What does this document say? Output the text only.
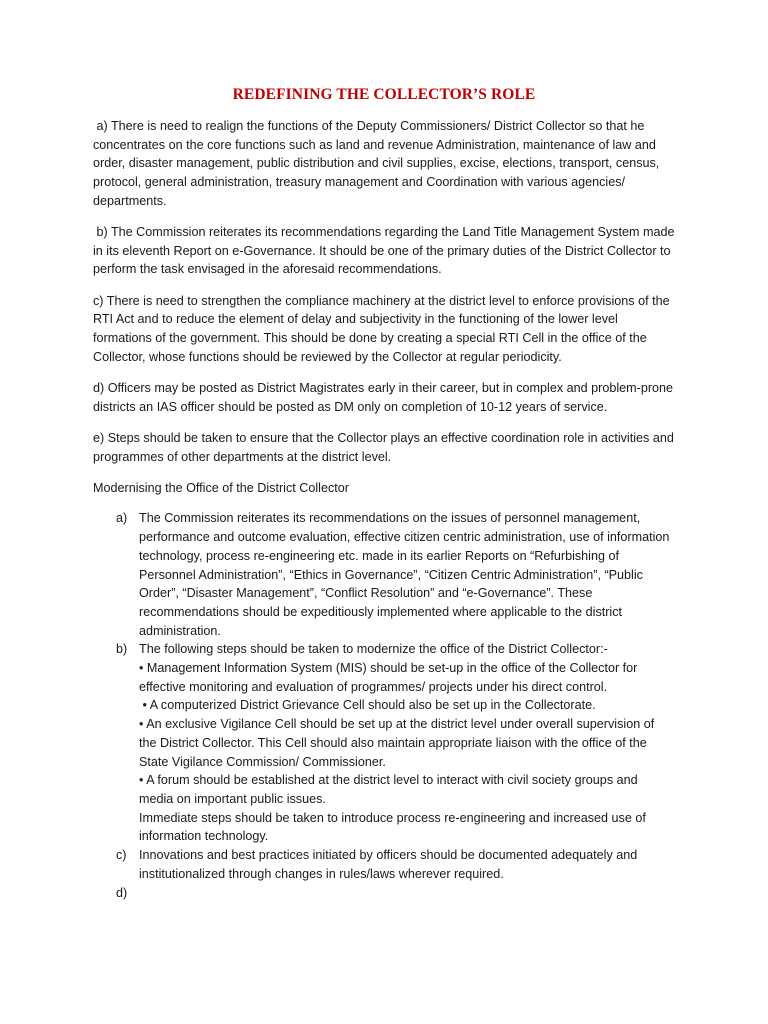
REDEFINING THE COLLECTOR’S ROLE

a) There is need to realign the functions of the Deputy Commissioners/ District Collector so that he concentrates on the core functions such as land and revenue Administration, maintenance of law and order, disaster management, public distribution and civil supplies, excise, elections, transport, census, protocol, general administration, treasury management and Coordination with various agencies/ departments.

b) The Commission reiterates its recommendations regarding the Land Title Management System made in its eleventh Report on e-Governance. It should be one of the primary duties of the District Collector to perform the task envisaged in the aforesaid recommendations.

c) There is need to strengthen the compliance machinery at the district level to enforce provisions of the RTI Act and to reduce the element of delay and subjectivity in the functioning of the lower level formations of the government. This should be done by creating a special RTI Cell in the office of the Collector, whose functions should be reviewed by the Collector at regular periodicity.

d) Officers may be posted as District Magistrates early in their career, but in complex and problem-prone districts an IAS officer should be posted as DM only on completion of 10-12 years of service.

e) Steps should be taken to ensure that the Collector plays an effective coordination role in activities and programmes of other departments at the district level.

Modernising the Office of the District Collector
a) The Commission reiterates its recommendations on the issues of personnel management, performance and outcome evaluation, effective citizen centric administration, use of information technology, process re-engineering etc. made in its earlier Reports on “Refurbishing of Personnel Administration”, “Ethics in Governance”, “Citizen Centric Administration”, “Public Order”, “Disaster Management”, “Conflict Resolution” and “e-Governance”. These recommendations should be expeditiously implemented where applicable to the district administration.
b) The following steps should be taken to modernize the office of the District Collector:-
• Management Information System (MIS) should be set-up in the office of the Collector for effective monitoring and evaluation of programmes/ projects under his direct control.
• A computerized District Grievance Cell should also be set up in the Collectorate.
• An exclusive Vigilance Cell should be set up at the district level under overall supervision of the District Collector. This Cell should also maintain appropriate liaison with the office of the State Vigilance Commission/ Commissioner.
• A forum should be established at the district level to interact with civil society groups and media on important public issues.
Immediate steps should be taken to introduce process re-engineering and increased use of information technology.
c) Innovations and best practices initiated by officers should be documented adequately and institutionalized through changes in rules/laws wherever required.
d)
